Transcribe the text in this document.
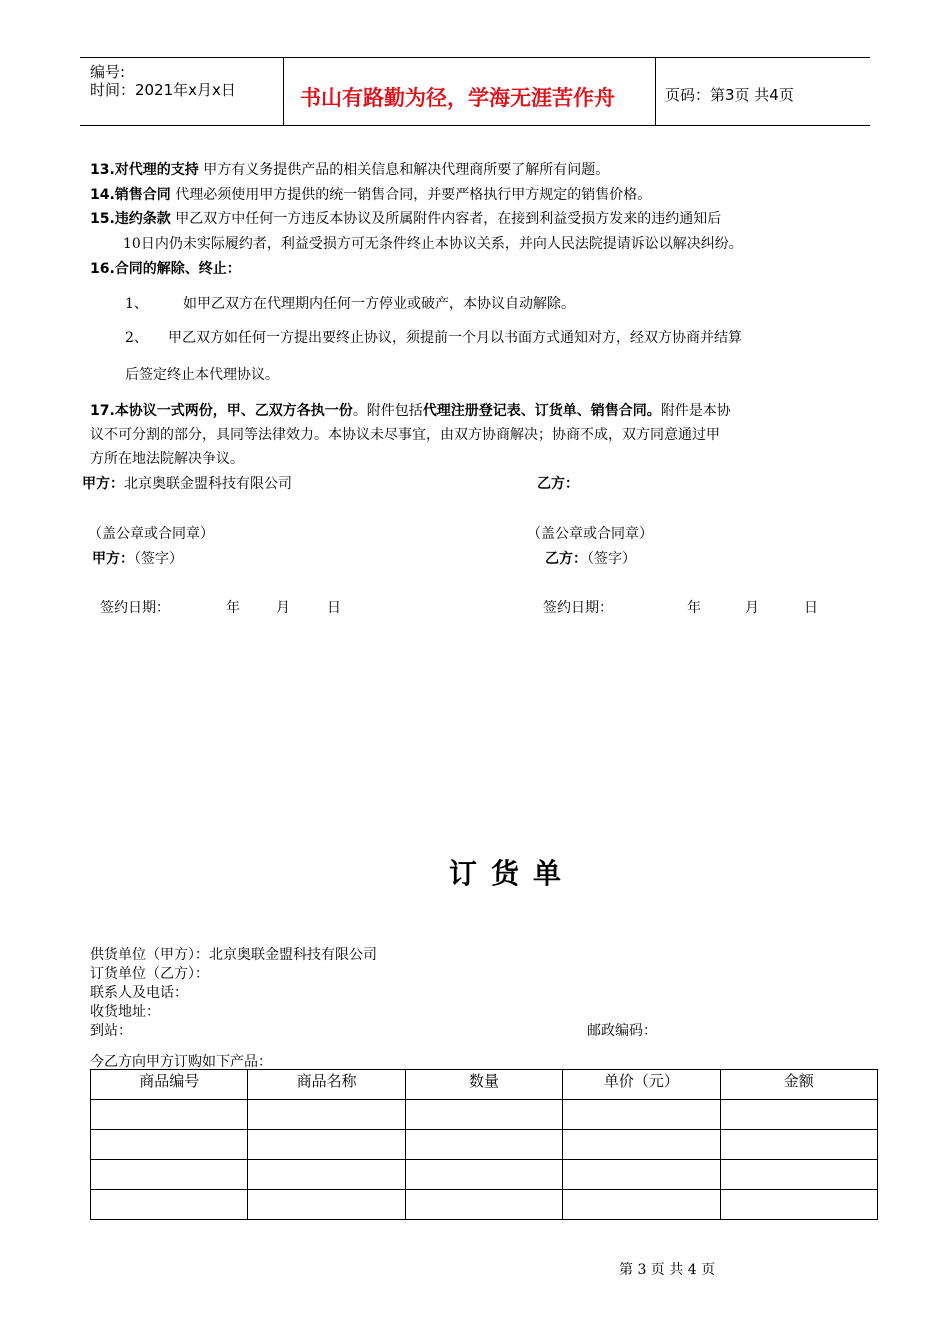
编号:
时间：2021年x月x日	书山有路勤为径，学海无涯苦作舟	页码：第3页 共4页
13.对代理的支持 甲方有义务提供产品的相关信息和解决代理商所要了解所有问题。
14.销售合同 代理必须使用甲方提供的统一销售合同，并要严格执行甲方规定的销售价格。
15.违约条款 甲乙双方中任何一方违反本协议及所属附件内容者，在接到利益受损方发来的违约通知后
10日内仍未实际履约者，利益受损方可无条件终止本协议关系，并向人民法院提请诉讼以解决纠纷。
16.合同的解除、终止：
1、	如甲乙双方在代理期内任何一方停业或破产，本协议自动解除。
2、 甲乙双方如任何一方提出要终止协议，须提前一个月以书面方式通知对方，经双方协商并结算
后签定终止本代理协议。
17.本协议一式两份，甲、乙双方各执一份。附件包括代理注册登记表、订货单、销售合同。附件是本协
议不可分割的部分，具同等法律效力。本协议未尽事宜，由双方协商解决；协商不成，双方同意通过甲
方所在地法院解决争议。
甲方：北京奥联金盟科技有限公司	乙方：
（盖公章或合同章）	（盖公章或合同章）
甲方：（签字）	乙方：（签字）
签约日期：	年	月	日	签约日期：	年	月	日
订货单
供货单位（甲方）：北京奥联金盟科技有限公司
订货单位（乙方）：
联系人及电话：
收货地址：
到站：	邮政编码：
今乙方向甲方订购如下产品：
商品编号	商品名称	数量	单价（元）	金额

第 3 页 共 4 页
